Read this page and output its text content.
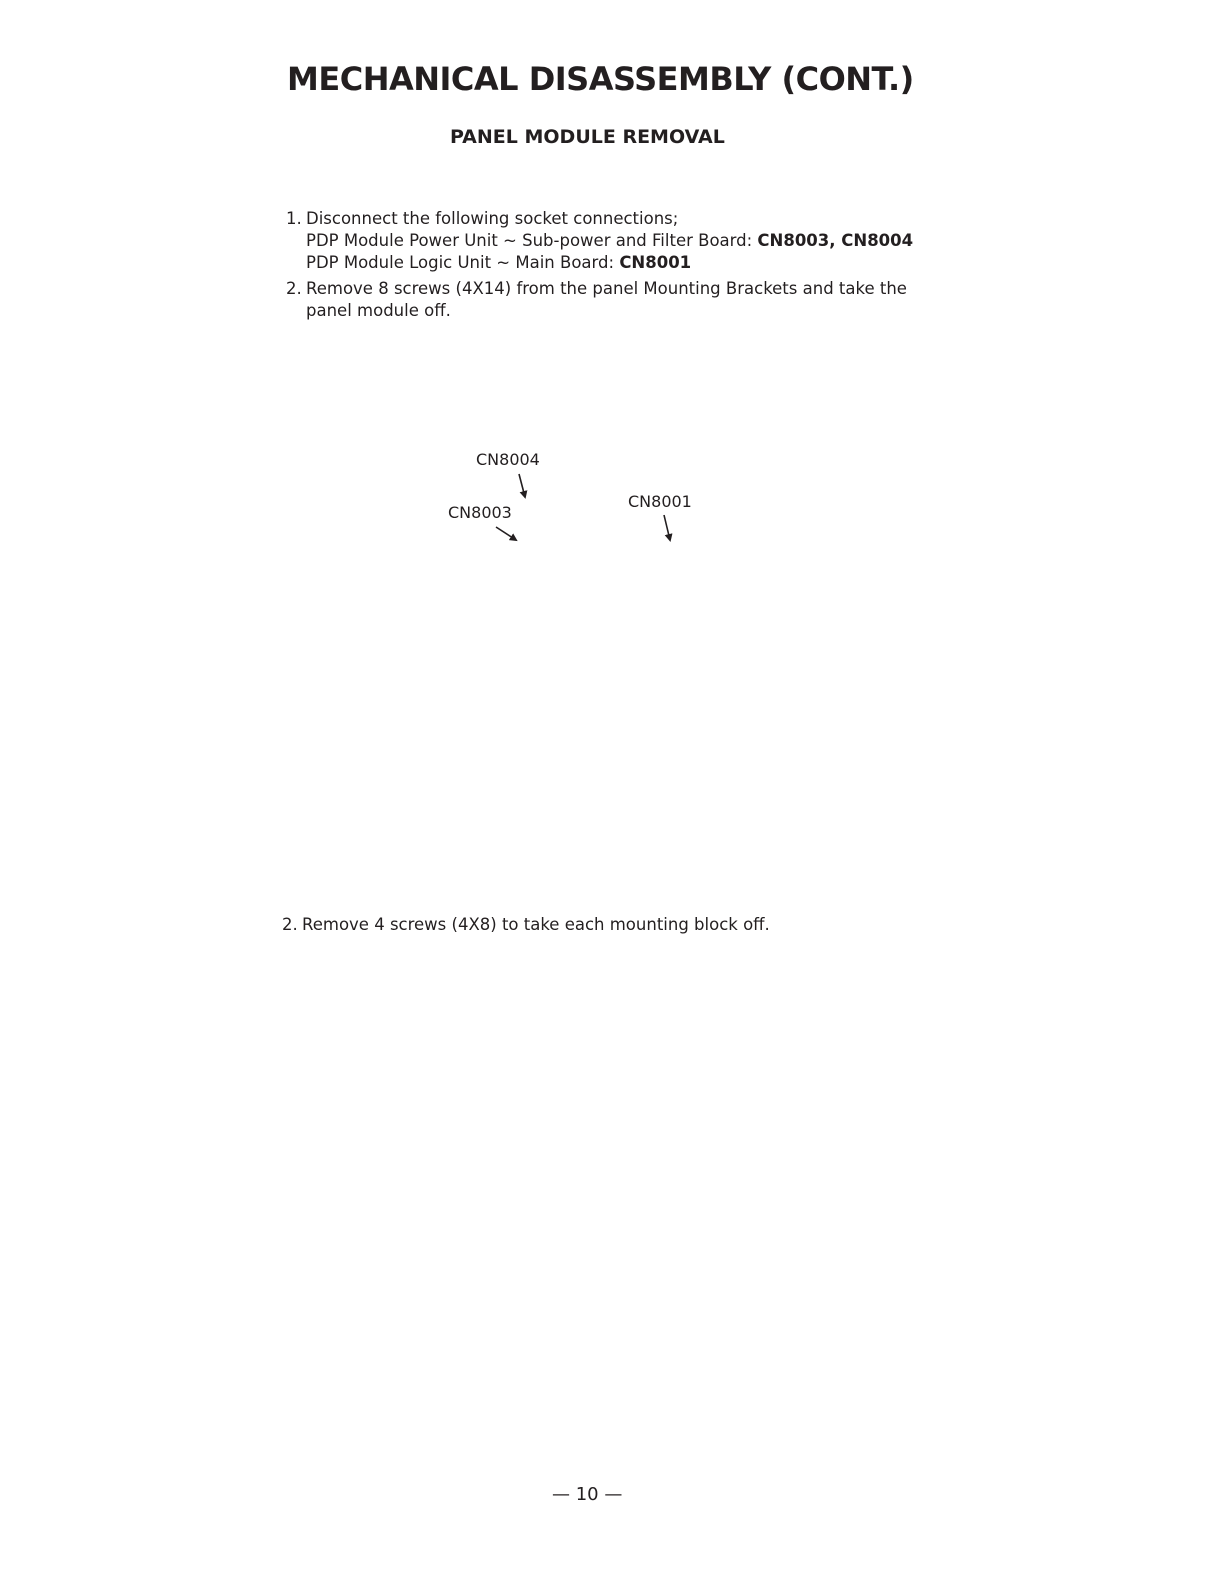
MECHANICAL DISASSEMBLY (CONT.)
PANEL MODULE REMOVAL
1. Disconnect the following socket connections;
PDP Module Power Unit ~ Sub-power and Filter Board: CN8003, CN8004
PDP Module Logic Unit ~ Main Board: CN8001
2. Remove 8 screws (4X14) from the panel Mounting Brackets and take the
panel module off.
CN8004
CN8003
CN8001
2. Remove 4 screws (4X8) to take each mounting block off.
— 10 —
